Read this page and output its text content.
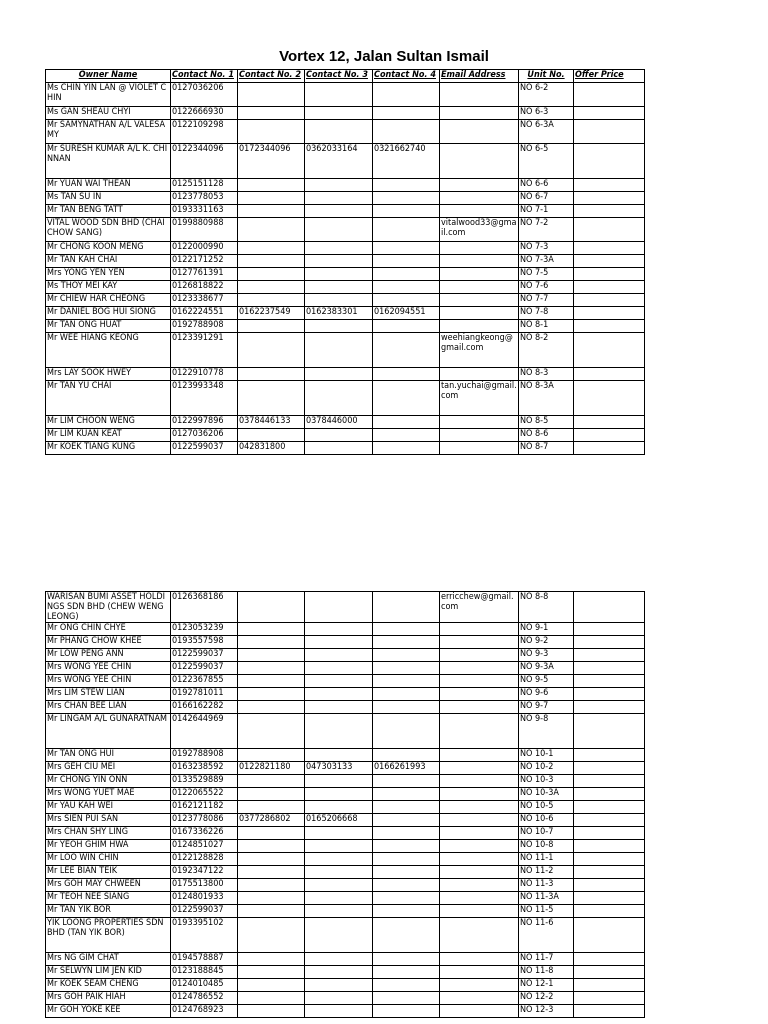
Vortex 12, Jalan Sultan Ismail
Owner Name	Contact No. 1	Contact No. 2	Contact No. 3	Contact No. 4	Email Address	Unit No.	Offer Price
Ms CHIN YIN LAN @ VIOLET CHIN	0127036206					NO 6-2	
Ms GAN SHEAU CHYI	0122666930					NO 6-3	
Mr SAMYNATHAN A/L VALESAMY	0122109298					NO 6-3A	
Mr SURESH KUMAR A/L K. CHINNAN	0122344096	0172344096	0362033164	0321662740		NO 6-5	
Mr YUAN WAI THEAN	0125151128					NO 6-6	
Ms TAN SU IN	0123778053					NO 6-7	
Mr TAN BENG TATT	0193331163					NO 7-1	
VITAL WOOD SDN BHD (CHAI CHOW SANG)	0199880988				vitalwood33@gmail.com	NO 7-2	
Mr CHONG KOON MENG	0122000990					NO 7-3	
Mr TAN KAH CHAI	0122171252					NO 7-3A	
Mrs YONG YEN YEN	0127761391					NO 7-5	
Ms THOY MEI KAY	0126818822					NO 7-6	
Mr CHIEW HAR CHEONG	0123338677					NO 7-7	
Mr DANIEL BOG HUI SIONG	0162224551	0162237549	0162383301	0162094551		NO 7-8	
Mr TAN ONG HUAT	0192788908					NO 8-1	
Mr WEE HIANG KEONG	0123391291				weehiangkeong@gmail.com	NO 8-2	
Mrs LAY SOOK HWEY	0122910778					NO 8-3	
Mr TAN YU CHAI	0123993348				tan.yuchai@gmail.com	NO 8-3A	
Mr LIM CHOON WENG	0122997896	0378446133	0378446000			NO 8-5	
Mr LIM KUAN KEAT	0127036206					NO 8-6	
Mr KOEK TIANG KUNG	0122599037	042831800				NO 8-7	
WARISAN BUMI ASSET HOLDINGS SDN BHD (CHEW WENG LEONG)	0126368186				erricchew@gmail.com	NO 8-8	
Mr ONG CHIN CHYE	0123053239					NO 9-1	
Mr PHANG CHOW KHEE	0193557598					NO 9-2	
Mr LOW PENG ANN	0122599037					NO 9-3	
Mrs WONG YEE CHIN	0122599037					NO 9-3A	
Mrs WONG YEE CHIN	0122367855					NO 9-5	
Mrs LIM STEW LIAN	0192781011					NO 9-6	
Mrs CHAN BEE LIAN	0166162282					NO 9-7	
Mr LINGAM A/L GUNARATNAM	0142644969					NO 9-8	
Mr TAN ONG HUI	0192788908					NO 10-1	
Mrs GEH CIU MEI	0163238592	0122821180	047303133	0166261993		NO 10-2	
Mr CHONG YIN ONN	0133529889					NO 10-3	
Mrs WONG YUET MAE	0122065522					NO 10-3A	
Mr YAU KAH WEI	0162121182					NO 10-5	
Mrs SIEN PUI SAN	0123778086	0377286802	0165206668			NO 10-6	
Mrs CHAN SHY LING	0167336226					NO 10-7	
Mr YEOH GHIM HWA	0124851027					NO 10-8	
Mr LOO WIN CHIN	0122128828					NO 11-1	
Mr LEE BIAN TEIK	0192347122					NO 11-2	
Mrs GOH MAY CHWEEN	0175513800					NO 11-3	
Mr TEOH NEE SIANG	0124801933					NO 11-3A	
Mr TAN YIK BOR	0122599037					NO 11-5	
YIK LOONG PROPERTIES SDN BHD (TAN YIK BOR)	0193395102					NO 11-6	
Mrs NG GIM CHAT	0194578887					NO 11-7	
Mr SELWYN LIM JEN KID	0123188845					NO 11-8	
Mr KOEK SEAM CHENG	0124010485					NO 12-1	
Mrs GOH PAIK HIAH	0124786552					NO 12-2	
Mr GOH YOKE KEE	0124768923					NO 12-3	
